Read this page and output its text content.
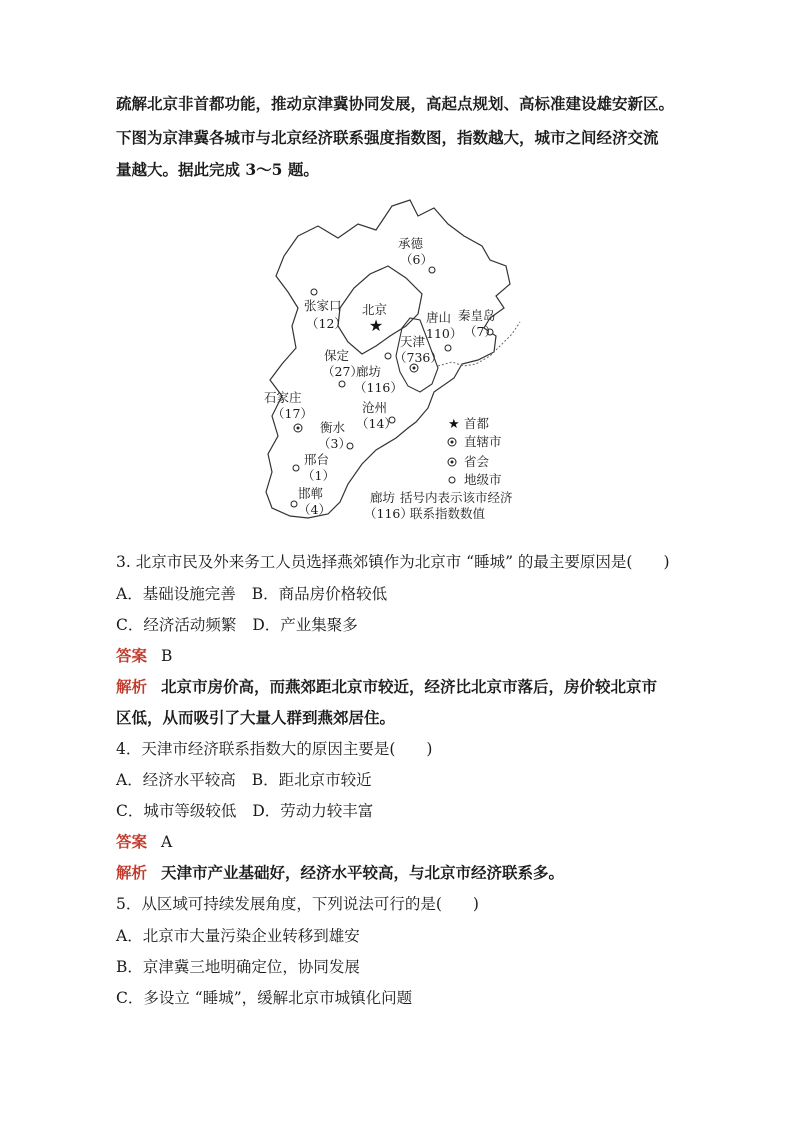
疏解北京非首都功能，推动京津冀协同发展，高起点规划、高标准建设雄安新区。
下图为京津冀各城市与北京经济联系强度指数图，指数越大，城市之间经济交流
量越大。据此完成 3～5 题。
★
承德
（6）
张家口
（12）
北京
唐山
110）
秦皇岛
（7）
天津
（736）
保定
（27）
廊坊
（116）
石家庄
（17）	沧州
（14）
衡水
（3）
邢台
（1）
邯郸
（4）
★ 首都
直辖市
省会
地级市
廊坊 括号内表示该市经济
（116）
联系指数数值
3. 北京市民及外来务工人员选择燕郊镇作为北京市 “睡城” 的最主要原因是(　　)
A．基础设施完善 B．商品房价格较低
C．经济活动频繁 D．产业集聚多
答案 B
解析 北京市房价高，而燕郊距北京市较近，经济比北京市落后，房价较北京市
区低，从而吸引了大量人群到燕郊居住。
4．天津市经济联系指数大的原因主要是(　　)
A．经济水平较高 B．距北京市较近
C．城市等级较低 D．劳动力较丰富
答案 A
解析 天津市产业基础好，经济水平较高，与北京市经济联系多。
5．从区域可持续发展角度，下列说法可行的是(　　)
A．北京市大量污染企业转移到雄安
B．京津冀三地明确定位，协同发展
C．多设立 “睡城”，缓解北京市城镇化问题
